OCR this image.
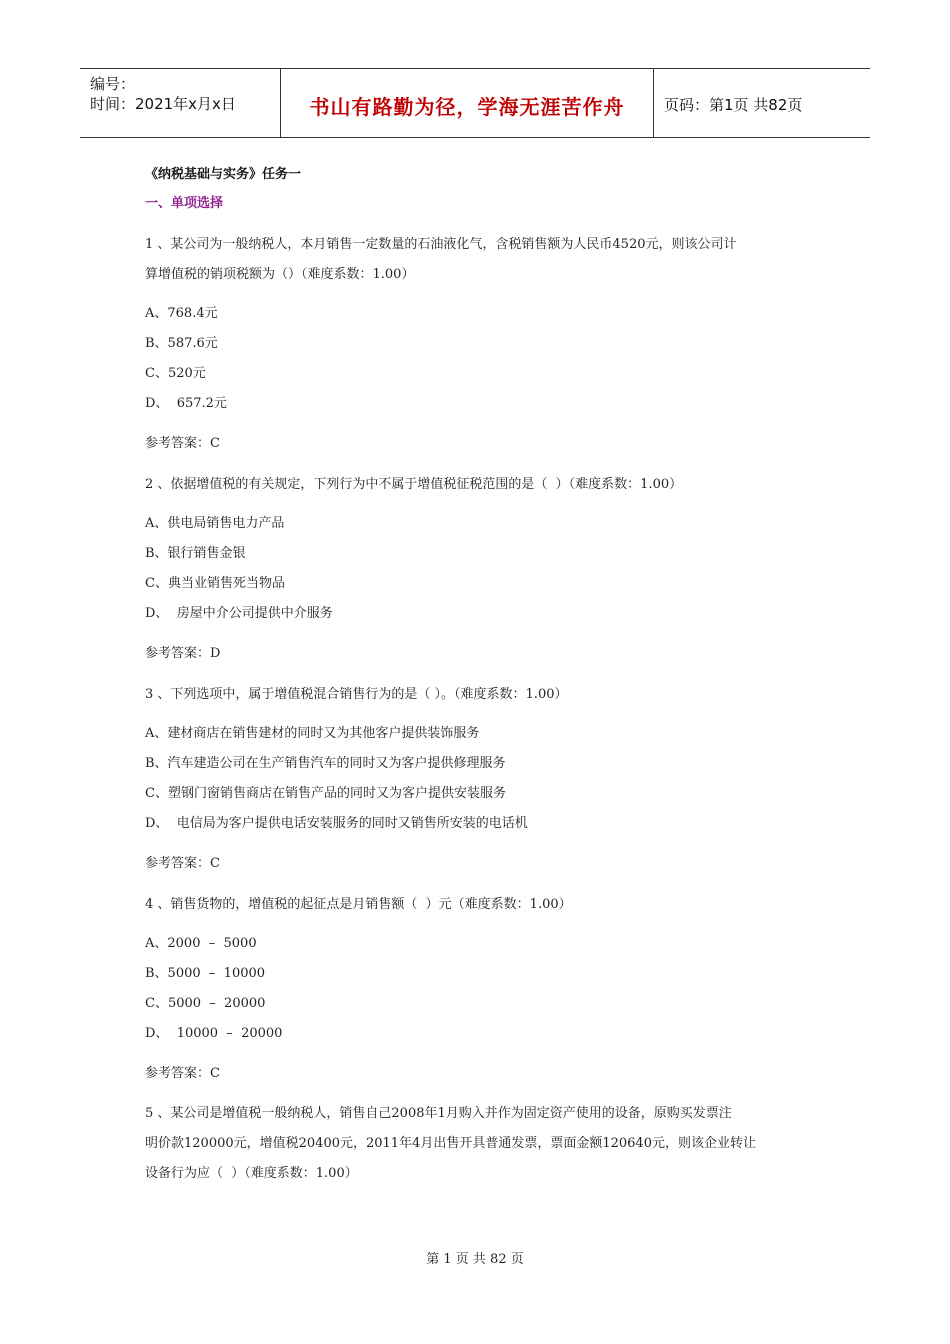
编号：
时间：2021年x月x日	书山有路勤为径，学海无涯苦作舟	页码：第1页 共82页
《纳税基础与实务》任务一
一、单项选择
1 、某公司为一般纳税人，本月销售一定数量的石油液化气，含税销售额为人民币4520元，则该公司计
算增值税的销项税额为（）（难度系数：1.00）
A、768.4元
B、587.6元
C、520元
D、  657.2元
参考答案：C
2 、依据增值税的有关规定，下列行为中不属于增值税征税范围的是（  ）（难度系数：1.00）
A、供电局销售电力产品
B、银行销售金银
C、典当业销售死当物品
D、  房屋中介公司提供中介服务
参考答案：D
3 、下列选项中，属于增值税混合销售行为的是（ ）。（难度系数：1.00）
A、建材商店在销售建材的同时又为其他客户提供装饰服务
B、汽车建造公司在生产销售汽车的同时又为客户提供修理服务
C、塑钢门窗销售商店在销售产品的同时又为客户提供安装服务
D、  电信局为客户提供电话安装服务的同时又销售所安装的电话机
参考答案：C
4 、销售货物的，增值税的起征点是月销售额（  ）元（难度系数：1.00）
A、2000  –  5000
B、5000  –  10000
C、5000  –  20000
D、  10000  –  20000
参考答案：C
5 、某公司是增值税一般纳税人，销售自己2008年1月购入并作为固定资产使用的设备，原购买发票注
明价款120000元，增值税20400元，2011年4月出售开具普通发票，票面金额120640元，则该企业转让
设备行为应（  ）（难度系数：1.00）
第 1 页 共 82 页
